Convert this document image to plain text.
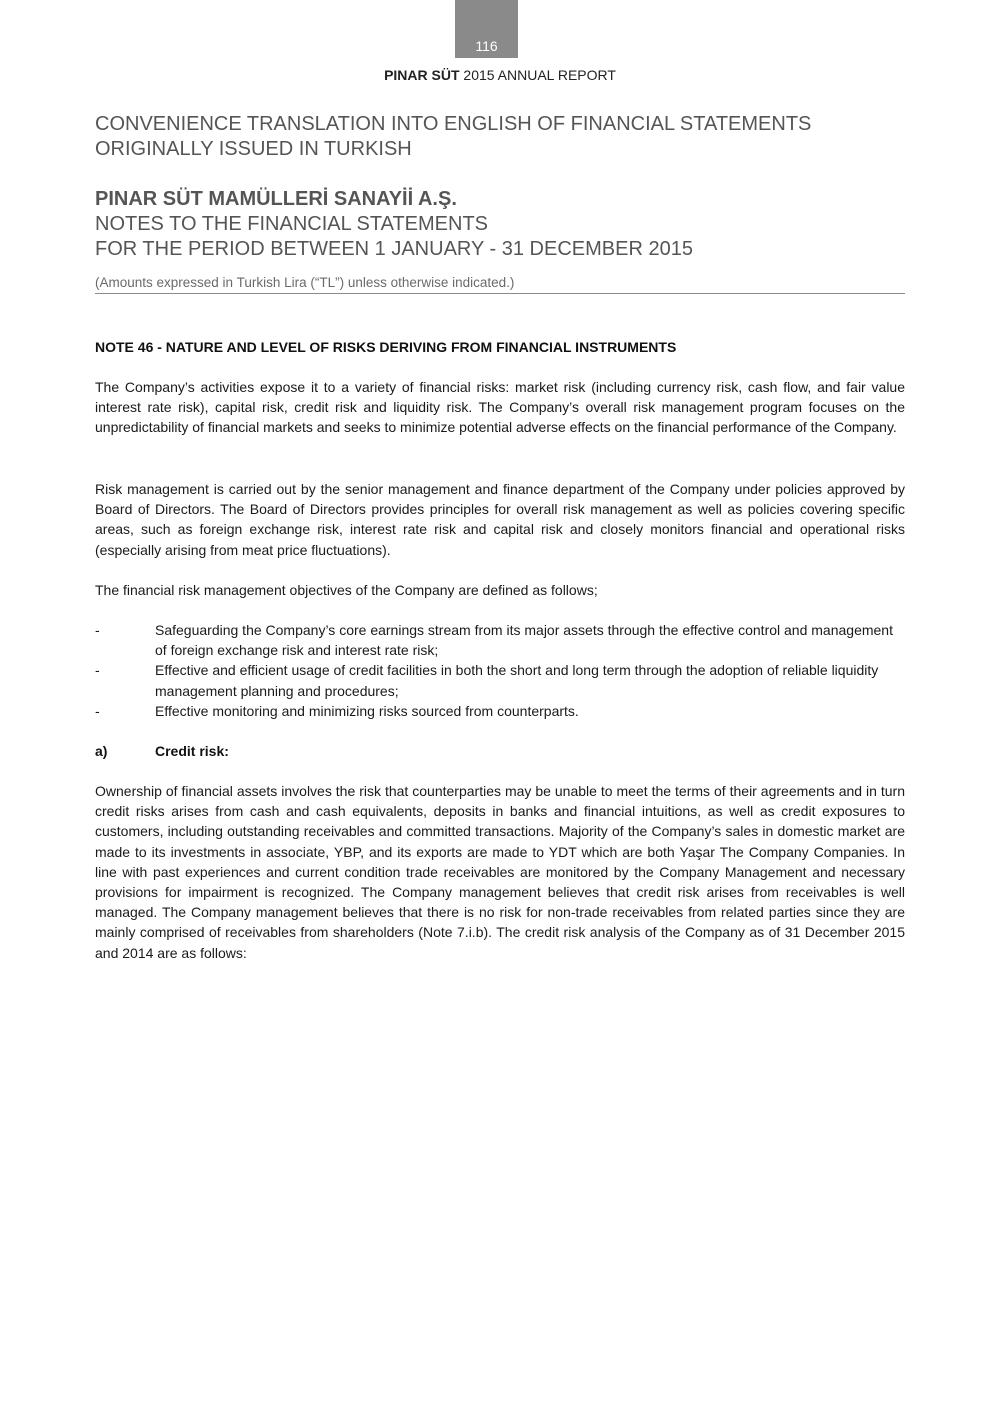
116
PINAR SÜT 2015 ANNUAL REPORT
CONVENIENCE TRANSLATION INTO ENGLISH OF FINANCIAL STATEMENTS
ORIGINALLY ISSUED IN TURKISH
PINAR SÜT MAMÜLLERİ SANAYİİ A.Ş.
NOTES TO THE FINANCIAL STATEMENTS
FOR THE PERIOD BETWEEN 1 JANUARY - 31 DECEMBER 2015
(Amounts expressed in Turkish Lira (“TL”) unless otherwise indicated.)
NOTE 46 - NATURE AND LEVEL OF RISKS DERIVING FROM FINANCIAL INSTRUMENTS
The Company’s activities expose it to a variety of financial risks: market risk (including currency risk, cash flow, and fair value interest rate risk), capital risk, credit risk and liquidity risk. The Company’s overall risk management program focuses on the unpredictability of financial markets and seeks to minimize potential adverse effects on the financial performance of the Company.
Risk management is carried out by the senior management and finance department of the Company under policies approved by Board of Directors. The Board of Directors provides principles for overall risk management as well as policies covering specific areas, such as foreign exchange risk, interest rate risk and capital risk and closely monitors financial and operational risks (especially arising from meat price fluctuations).
The financial risk management objectives of the Company are defined as follows;
-	Safeguarding the Company’s core earnings stream from its major assets through the effective control and management of foreign exchange risk and interest rate risk;
-	Effective and efficient usage of credit facilities in both the short and long term through the adoption of reliable liquidity management planning and procedures;
-	Effective monitoring and minimizing risks sourced from counterparts.
a)	Credit risk:
Ownership of financial assets involves the risk that counterparties may be unable to meet the terms of their agreements and in turn credit risks arises from cash and cash equivalents, deposits in banks and financial intuitions, as well as credit exposures to customers, including outstanding receivables and committed transactions. Majority of the Company’s sales in domestic market are made to its investments in associate, YBP, and its exports are made to YDT which are both Yaşar The Company Companies. In line with past experiences and current condition trade receivables are monitored by the Company Management and necessary provisions for impairment is recognized. The Company management believes that credit risk arises from receivables is well managed. The Company management believes that there is no risk for non-trade receivables from related parties since they are mainly comprised of receivables from shareholders (Note 7.i.b). The credit risk analysis of the Company as of 31 December 2015 and 2014 are as follows:
